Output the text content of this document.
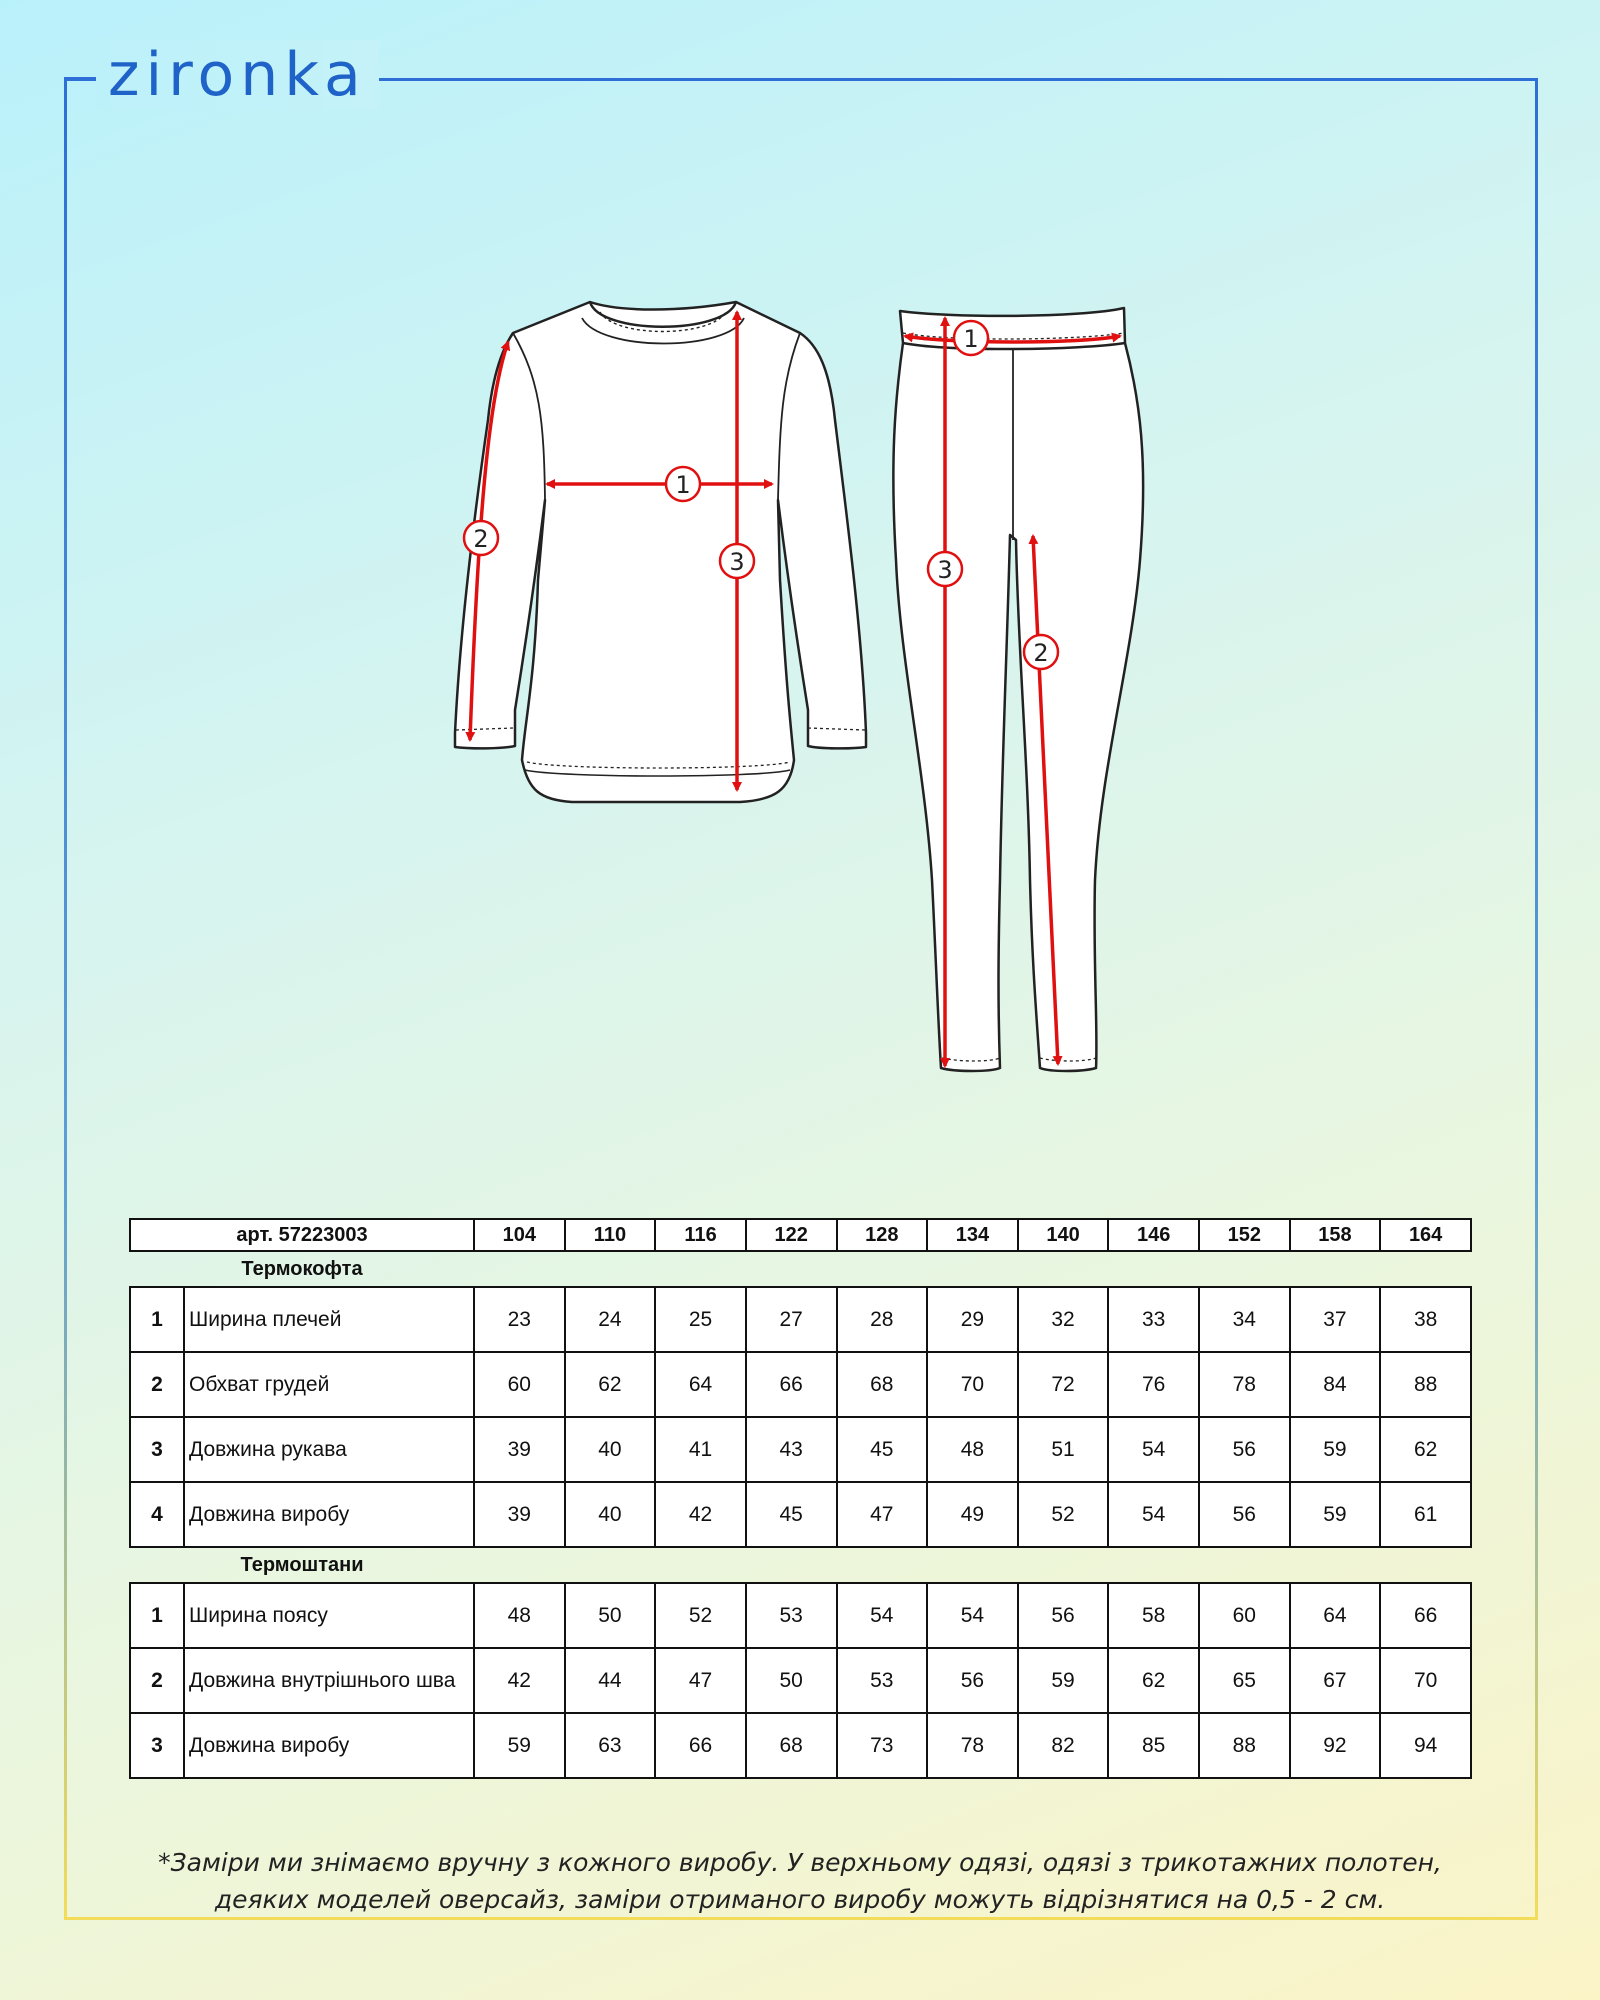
zironka
1
2
3
1
2
3
арт. 57223003		104	110	116	122	128	134	140	146	152	158	164
Термокофта												
1	Ширина плечей	23	24	25	27	28	29	32	33	34	37	38
2	Обхват грудей	60	62	64	66	68	70	72	76	78	84	88
3	Довжина рукава	39	40	41	43	45	48	51	54	56	59	62
4	Довжина виробу	39	40	42	45	47	49	52	54	56	59	61
Термоштани												
1	Ширина поясу	48	50	52	53	54	54	56	58	60	64	66
2	Довжина внутрішнього шва	42	44	47	50	53	56	59	62	65	67	70
3	Довжина виробу	59	63	66	68	73	78	82	85	88	92	94
*Заміри ми знімаємо вручну з кожного виробу. У верхньому одязі, одязі з трикотажних полотен,
деяких моделей оверсайз, заміри отриманого виробу можуть відрізнятися на 0,5 - 2 см.
